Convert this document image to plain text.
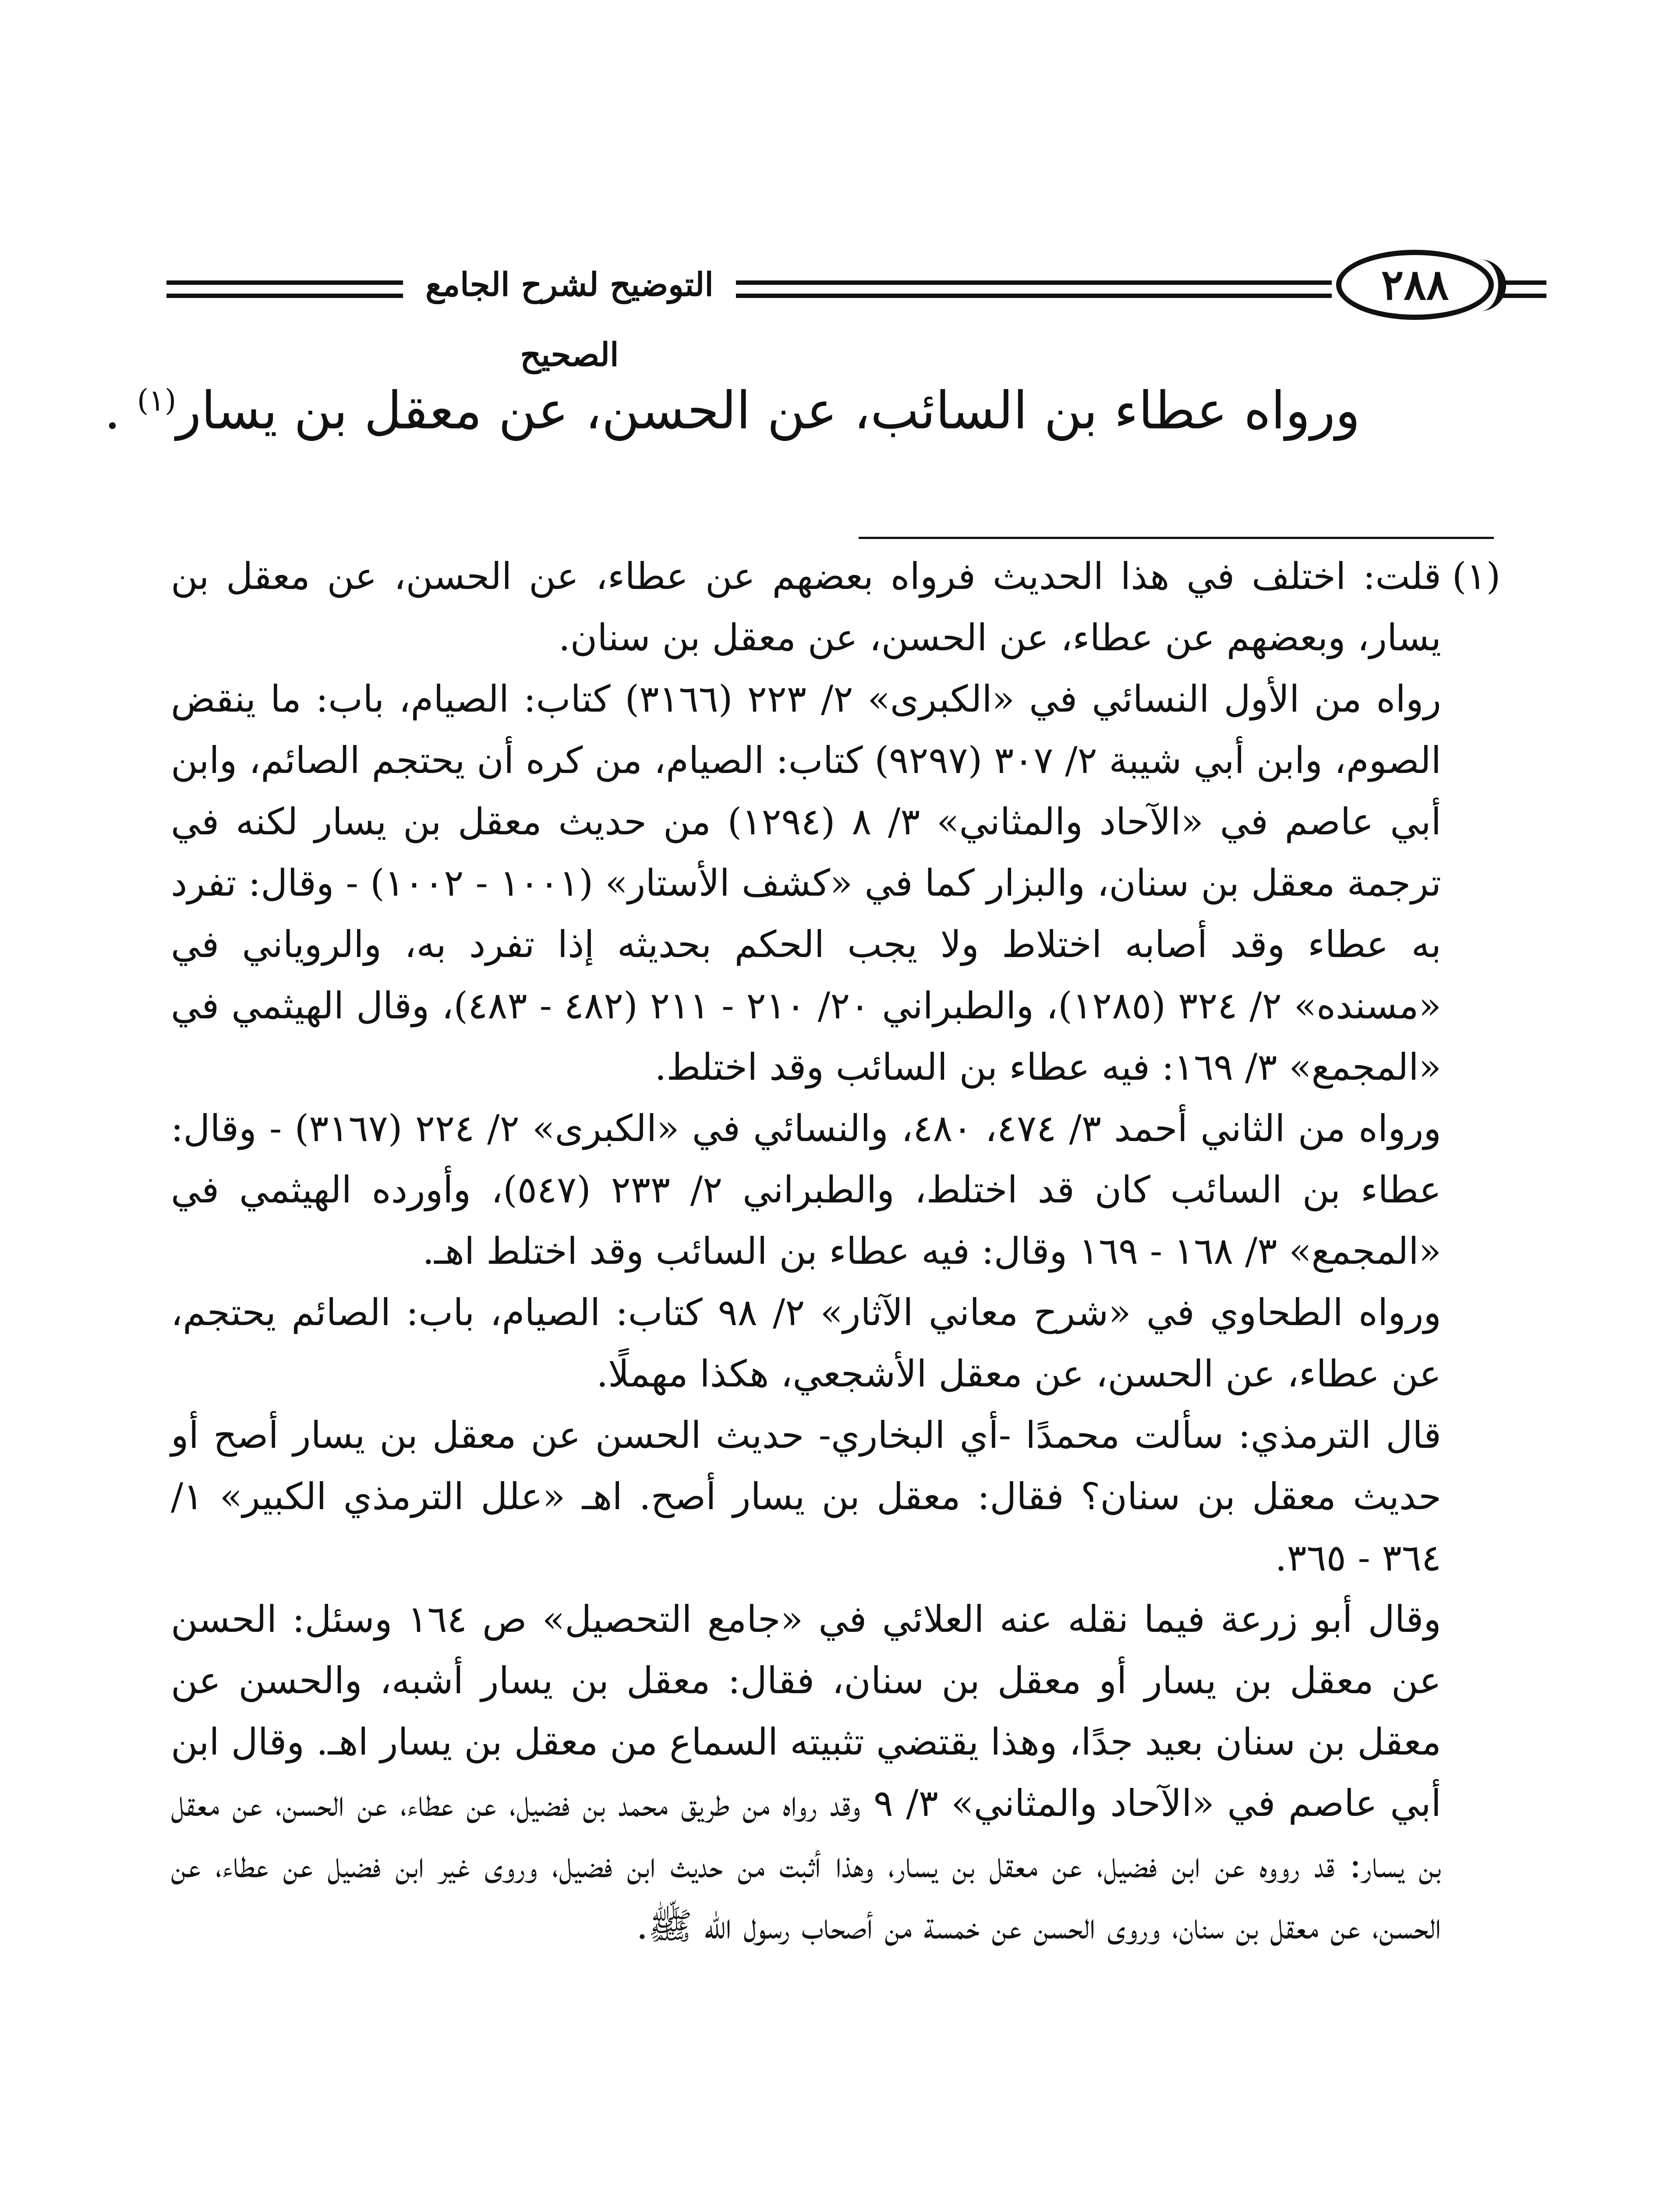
التوضيح لشرح الجامع الصحيح
٢٨٨
ورواه عطاء بن السائب، عن الحسن، عن معقل بن يسار$^{(١)}$ .
(١)

قلت: اختلف في هذا الحديث فرواه بعضهم عن عطاء، عن الحسن، عن معقل بن يسار، وبعضهم عن عطاء، عن الحسن، عن معقل بن سنان.

رواه من الأول النسائي في «الكبرى» ٢/ ٢٢٣ (٣١٦٦) كتاب: الصيام، باب: ما ينقض الصوم، وابن أبي شيبة ٢/ ٣٠٧ (٩٢٩٧) كتاب: الصيام، من كره أن يحتجم الصائم، وابن أبي عاصم في «الآحاد والمثاني» ٣/ ٨ (١٢٩٤) من حديث معقل بن يسار لكنه في ترجمة معقل بن سنان، والبزار كما في «كشف الأستار» (١٠٠١ - ١٠٠٢) - وقال: تفرد به عطاء وقد أصابه اختلاط ولا يجب الحكم بحديثه إذا تفرد به، والروياني في «مسنده» ٢/ ٣٢٤ (١٢٨٥)، والطبراني ٢٠/ ٢١٠ - ٢١١ (٤٨٢ - ٤٨٣)، وقال الهيثمي في «المجمع» ٣/ ١٦٩: فيه عطاء بن السائب وقد اختلط.

ورواه من الثاني أحمد ٣/ ٤٧٤، ٤٨٠، والنسائي في «الكبرى» ٢/ ٢٢٤ (٣١٦٧) - وقال: عطاء بن السائب كان قد اختلط، والطبراني ٢/ ٢٣٣ (٥٤٧)، وأورده الهيثمي في «المجمع» ٣/ ١٦٨ - ١٦٩ وقال: فيه عطاء بن السائب وقد اختلط اهـ.

ورواه الطحاوي في «شرح معاني الآثار» ٢/ ٩٨ كتاب: الصيام، باب: الصائم يحتجم، عن عطاء، عن الحسن، عن معقل الأشجعي، هكذا مهملًا.

قال الترمذي: سألت محمدًا -أي البخاري- حديث الحسن عن معقل بن يسار أصح أو حديث معقل بن سنان؟ فقال: معقل بن يسار أصح. اهـ «علل الترمذي الكبير» ١/ ٣٦٤ - ٣٦٥.

وقال أبو زرعة فيما نقله عنه العلائي في «جامع التحصيل» ص ١٦٤ وسئل: الحسن عن معقل بن يسار أو معقل بن سنان، فقال: معقل بن يسار أشبه، والحسن عن معقل بن سنان بعيد جدًا، وهذا يقتضي تثبيته السماع من معقل بن يسار اهـ. وقال ابن أبي عاصم في «الآحاد والمثاني» ٣/ ٩ وقد رواه من طريق محمد بن فضيل، عن عطاء، عن الحسن، عن معقل بن يسار: قد رووه عن ابن فضيل، عن معقل بن يسار، وهذا أثبت من حديث ابن فضيل، وروى غير ابن فضيل عن عطاء، عن الحسن، عن معقل بن سنان، وروى الحسن عن خمسة من أصحاب رسول الله ﷺ.
